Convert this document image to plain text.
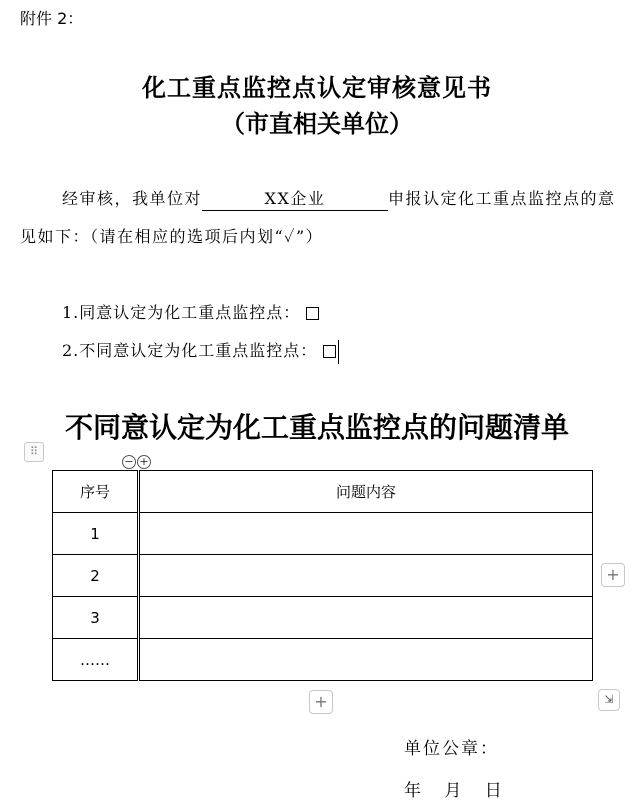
附件 2：
化工重点监控点认定审核意见书
（市直相关单位）
经审核，我单位对	XX企业	申报认定化工重点监控点的意见如下：（请在相应的选项后内划“✓”）
1.同意认定为化工重点监控点：
2.不同意认定为化工重点监控点：
不同意认定为化工重点监控点的问题清单
⠿
− +
序号	问题内容
1	
2	
3	
……	
+
+	⇲
单位公章：
年 月 日
